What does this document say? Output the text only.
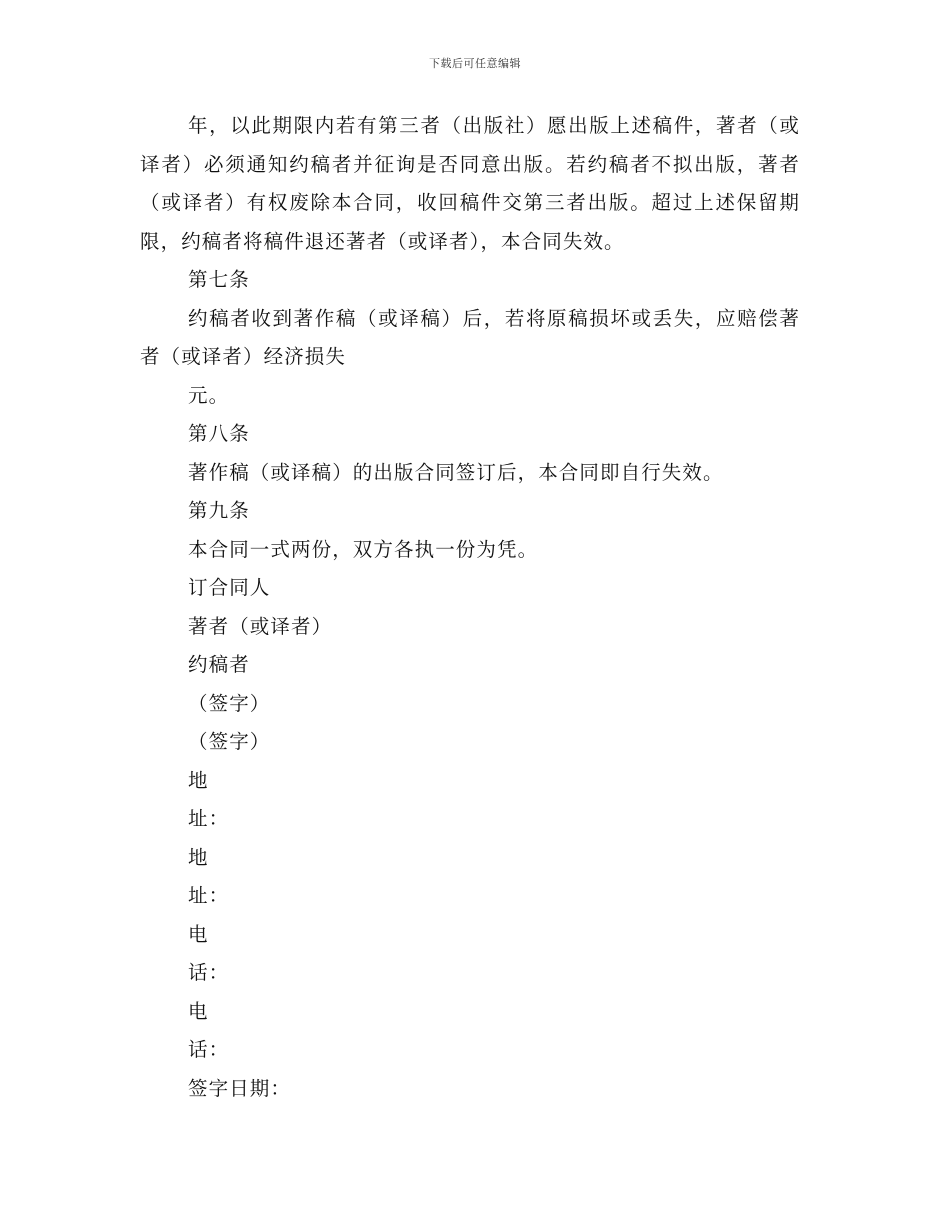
下载后可任意编辑

年，以此期限内若有第三者（出版社）愿出版上述稿件，著者（或译者）必须通知约稿者并征询是否同意出版。若约稿者不拟出版，著者（或译者）有权废除本合同，收回稿件交第三者出版。超过上述保留期限，约稿者将稿件退还著者（或译者），本合同失效。

第七条

约稿者收到著作稿（或译稿）后，若将原稿损坏或丢失，应赔偿著者（或译者）经济损失

元。

第八条

著作稿（或译稿）的出版合同签订后，本合同即自行失效。

第九条

本合同一式两份，双方各执一份为凭。

订合同人

著者（或译者）

约稿者

（签字）

（签字）

地

址：

地

址：

电

话：

电

话：

签字日期：
